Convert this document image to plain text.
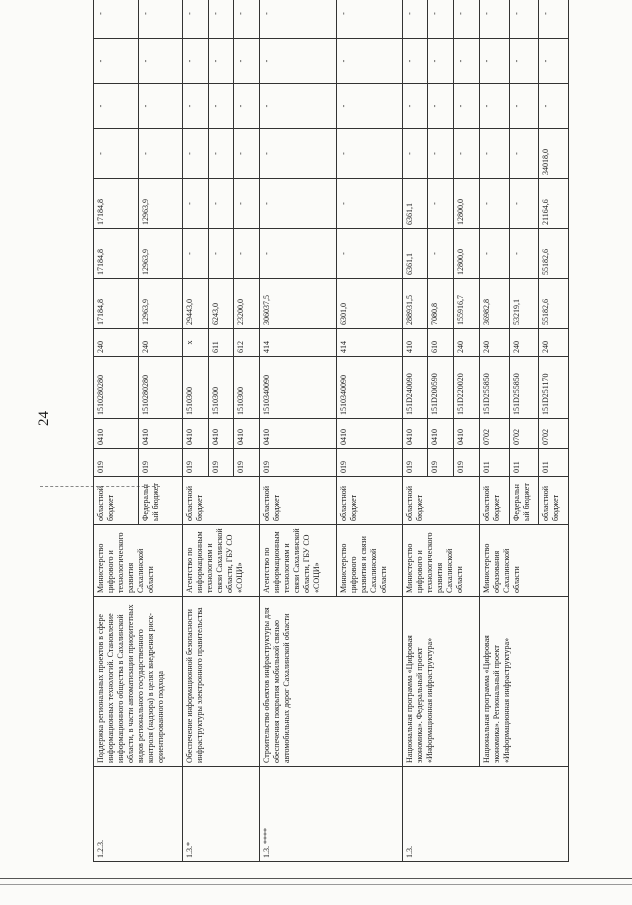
24
1.2.3.	Поддержка региональных проектов в сфере информационных технологий. Становление информационного общества в Сахалинской области, в части автоматизации приоритетных видов регионального государственного контроля (надзора) в целях внедрения риск-ориентированного подхода	Министерство цифрового и технологического развития Сахалинской области	областной бюджет	019	0410	1510280280	240	17184,8	17184,8	17184,8	-	-	-	-
			Федеральный бюджет	019	0410	1510280280	240	12963,9	12963,9	12963,9	-	-	-	-
1.3.*	Обеспечение информационной безопасности инфраструктуры электронного правительства	Агентство по информационным технологиям и связи Сахалинской области, ГБУ СО «СОЦИ»	областной бюджет	019	0410	1510300	x	29443,0	-	-	-	-	-	-
				019	0410	1510300	611	6243,0	-	-	-	-	-	-
				019	0410	1510300	612	23200,0	-	-	-	-	-	-
1.3. ****	Строительство объектов инфраструктуры для обеспечения покрытия мобильной связью автомобильных дорог Сахалинской области	Агентство по информационным технологиям и связи Сахалинской области, ГБУ СО «СОЦИ»	областной бюджет	019	0410	1510340090	414	306037,5	-	-	-	-	-	-
		Министерство цифрового развития и связи Сахалинской области	областной бюджет	019	0410	1510340090	414	6301,0	-	-	-	-	-	-
1.3.	Национальная программа «Цифровая экономика». Федеральный проект «Информационная инфраструктура»	Министерство цифрового и технологического развития Сахалинской области	областной бюджет	019	0410	151D240090	410	288931,5	6361,1	6361,1	-	-	-	-
				019	0410	151D200590	610	7080,8	-	-	-	-	-	-
				019	0410	151D220020	240	155916,7	12800,0	12800,0	-	-	-	-
	Национальная программа «Цифровая экономика». Региональный проект «Информационная инфраструктура»	Министерство образования Сахалинской области	областной бюджет	011	0702	151D255850	240	36982,8	-	-	-	-	-	-
			Федеральный бюджет	011	0702	151D255850	240	53219,1	-	-	-	-	-	-
			областной бюджет	011	0702	151D251170	240	55182,6	55182,6	21164,6	34018,0	-	-	-
